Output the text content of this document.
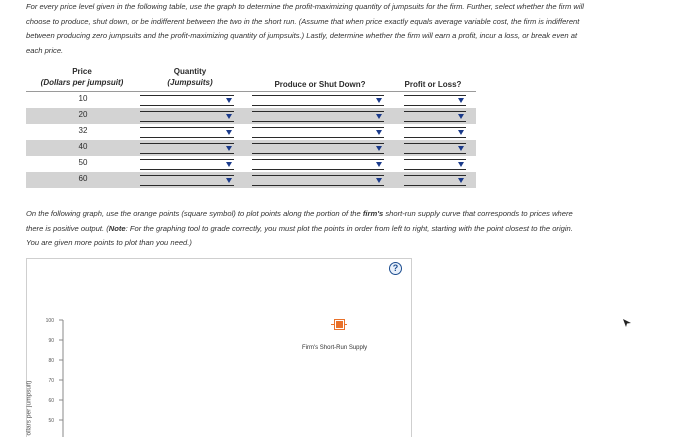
For every price level given in the following table, use the graph to determine the profit-maximizing quantity of jumpsuits for the firm. Further, select whether the firm will choose to produce, shut down, or be indifferent between the two in the short run. (Assume that when price exactly equals average variable cost, the firm is indifferent between producing zero jumpsuits and the profit-maximizing quantity of jumpsuits.) Lastly, determine whether the firm will earn a profit, incur a loss, or break even at each price.
Price
(Dollars per jumpsuit)
Quantity
(Jumpsuits)	Produce or Shut Down?	Profit or Loss?
10
20
32
40
50
60
On the following graph, use the orange points (square symbol) to plot points along the portion of the firm's short-run supply curve that corresponds to prices where there is positive output. (Note: For the graphing tool to grade correctly, you must plot the points in order from left to right, starting with the point closest to the origin. You are given more points to plot than you need.)
?
100
90
80
70
60
50
ollars per jumpsuit)
Firm's Short-Run Supply
